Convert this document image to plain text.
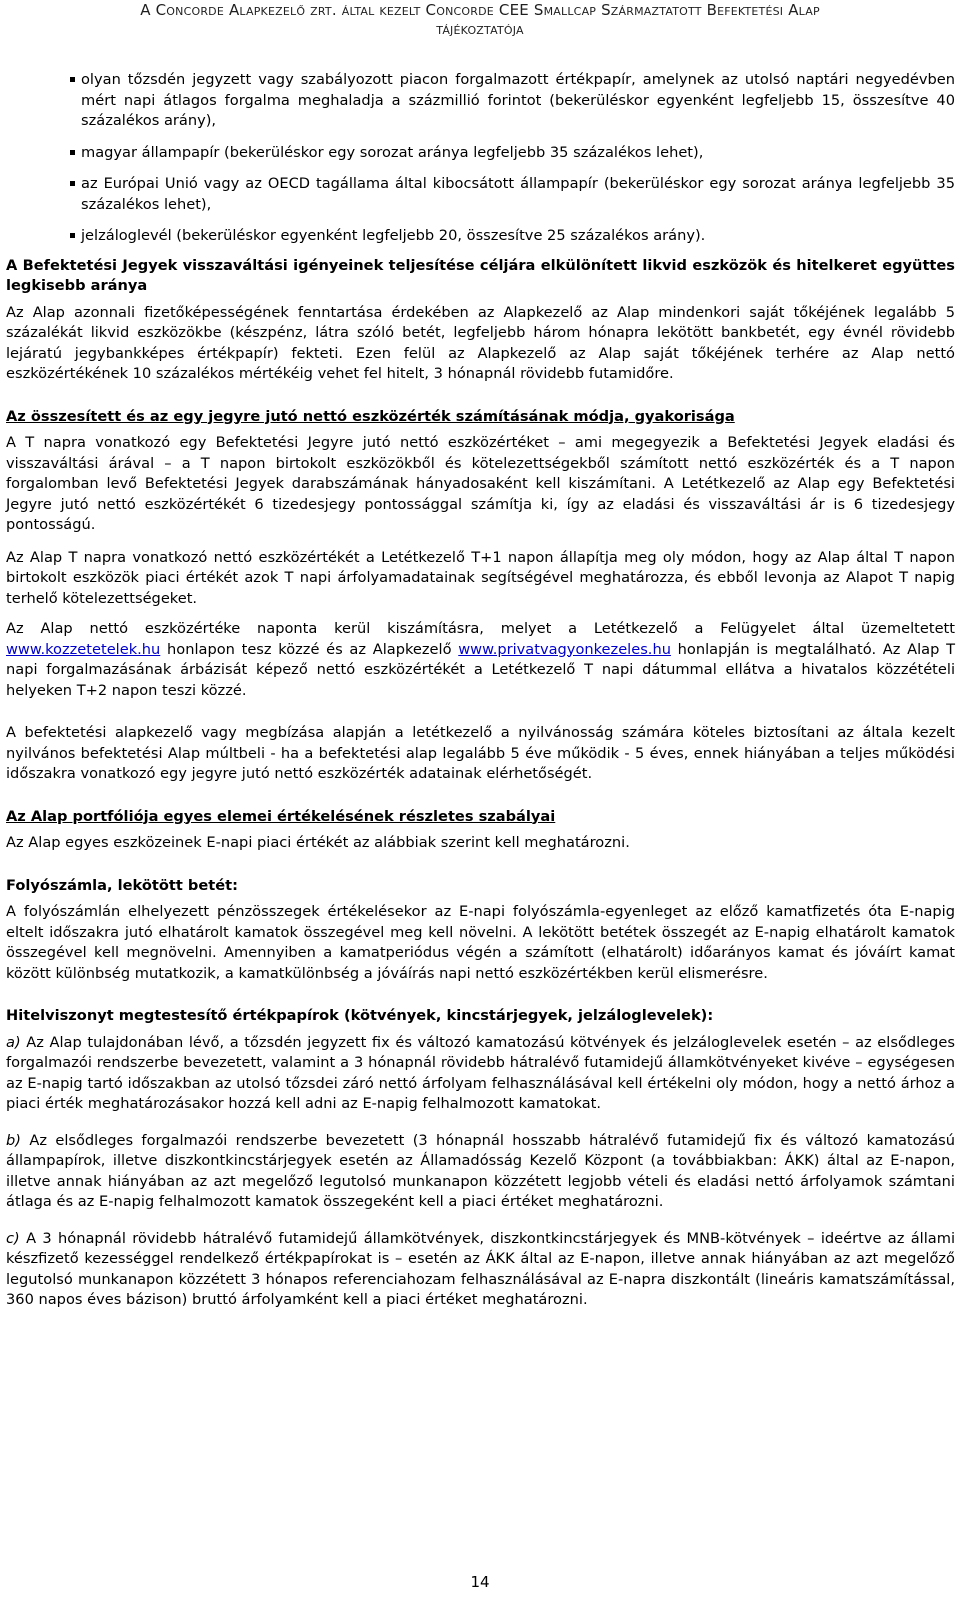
A Concorde Alapkezelő zrt. által kezelt Concorde CEE Smallcap Származtatott Befektetési Alap
tájékoztatója
olyan tőzsdén jegyzett vagy szabályozott piacon forgalmazott értékpapír, amelynek az utolsó naptári negyedévben mért napi átlagos forgalma meghaladja a százmillió forintot (bekerüléskor egyenként legfeljebb 15, összesítve 40 százalékos arány),
magyar állampapír (bekerüléskor egy sorozat aránya legfeljebb 35 százalékos lehet),
az Európai Unió vagy az OECD tagállama által kibocsátott állampapír (bekerüléskor egy sorozat aránya legfeljebb 35 százalékos lehet),
jelzáloglevél (bekerüléskor egyenként legfeljebb 20, összesítve 25 százalékos arány).
A Befektetési Jegyek visszaváltási igényeinek teljesítése céljára elkülönített likvid eszközök és hitelkeret együttes legkisebb aránya

Az Alap azonnali fizetőképességének fenntartása érdekében az Alapkezelő az Alap mindenkori saját tőkéjének legalább 5 százalékát likvid eszközökbe (készpénz, látra szóló betét, legfeljebb három hónapra lekötött bankbetét, egy évnél rövidebb lejáratú jegybankképes értékpapír) fekteti. Ezen felül az Alapkezelő az Alap saját tőkéjének terhére az Alap nettó eszközértékének 10 százalékos mértékéig vehet fel hitelt, 3 hónapnál rövidebb futamidőre.

Az összesített és az egy jegyre jutó nettó eszközérték számításának módja, gyakorisága

A T napra vonatkozó egy Befektetési Jegyre jutó nettó eszközértéket – ami megegyezik a Befektetési Jegyek eladási és visszaváltási árával – a T napon birtokolt eszközökből és kötelezettségekből számított nettó eszközérték és a T napon forgalomban levő Befektetési Jegyek darabszámának hányadosaként kell kiszámítani. A Letétkezelő az Alap egy Befektetési Jegyre jutó nettó eszközértékét 6 tizedesjegy pontossággal számítja ki, így az eladási és visszaváltási ár is 6 tizedesjegy pontosságú.

Az Alap T napra vonatkozó nettó eszközértékét a Letétkezelő T+1 napon állapítja meg oly módon, hogy az Alap által T napon birtokolt eszközök piaci értékét azok T napi árfolyamadatainak segítségével meghatározza, és ebből levonja az Alapot T napig terhelő kötelezettségeket.

Az Alap nettó eszközértéke naponta kerül kiszámításra, melyet a Letétkezelő a Felügyelet által üzemeltetett www.kozzetetelek.hu honlapon tesz közzé és az Alapkezelő www.privatvagyonkezeles.hu honlapján is megtalálható. Az Alap T napi forgalmazásának árbázisát képező nettó eszközértékét a Letétkezelő T napi dátummal ellátva a hivatalos közzétételi helyeken T+2 napon teszi közzé.

A befektetési alapkezelő vagy megbízása alapján a letétkezelő a nyilvánosság számára köteles biztosítani az általa kezelt nyilvános befektetési Alap múltbeli - ha a befektetési alap legalább 5 éve működik - 5 éves, ennek hiányában a teljes működési időszakra vonatkozó egy jegyre jutó nettó eszközérték adatainak elérhetőségét.

Az Alap portfóliója egyes elemei értékelésének részletes szabályai

Az Alap egyes eszközeinek E-napi piaci értékét az alábbiak szerint kell meghatározni.

Folyószámla, lekötött betét:

A folyószámlán elhelyezett pénzösszegek értékelésekor az E-napi folyószámla-egyenleget az előző kamatfizetés óta E-napig eltelt időszakra jutó elhatárolt kamatok összegével meg kell növelni. A lekötött betétek összegét az E-napig elhatárolt kamatok összegével kell megnövelni. Amennyiben a kamatperiódus végén a számított (elhatárolt) időarányos kamat és jóváírt kamat között különbség mutatkozik, a kamatkülönbség a jóváírás napi nettó eszközértékben kerül elismerésre.

Hitelviszonyt megtestesítő értékpapírok (kötvények, kincstárjegyek, jelzáloglevelek):

a) Az Alap tulajdonában lévő, a tőzsdén jegyzett fix és változó kamatozású kötvények és jelzáloglevelek esetén – az elsődleges forgalmazói rendszerbe bevezetett, valamint a 3 hónapnál rövidebb hátralévő futamidejű államkötvényeket kivéve – egységesen az E-napig tartó időszakban az utolsó tőzsdei záró nettó árfolyam felhasználásával kell értékelni oly módon, hogy a nettó árhoz a piaci érték meghatározásakor hozzá kell adni az E-napig felhalmozott kamatokat.

b) Az elsődleges forgalmazói rendszerbe bevezetett (3 hónapnál hosszabb hátralévő futamidejű fix és változó kamatozású állampapírok, illetve diszkontkincstárjegyek esetén az Államadósság Kezelő Központ (a továbbiakban: ÁKK) által az E-napon, illetve annak hiányában az azt megelőző legutolsó munkanapon közzétett legjobb vételi és eladási nettó árfolyamok számtani átlaga és az E-napig felhalmozott kamatok összegeként kell a piaci értéket meghatározni.

c) A 3 hónapnál rövidebb hátralévő futamidejű államkötvények, diszkontkincstárjegyek és MNB-kötvények – ideértve az állami készfizető kezességgel rendelkező értékpapírokat is – esetén az ÁKK által az E-napon, illetve annak hiányában az azt megelőző legutolsó munkanapon közzétett 3 hónapos referenciahozam felhasználásával az E-napra diszkontált (lineáris kamatszámítással, 360 napos éves bázison) bruttó árfolyamként kell a piaci értéket meghatározni.

14
